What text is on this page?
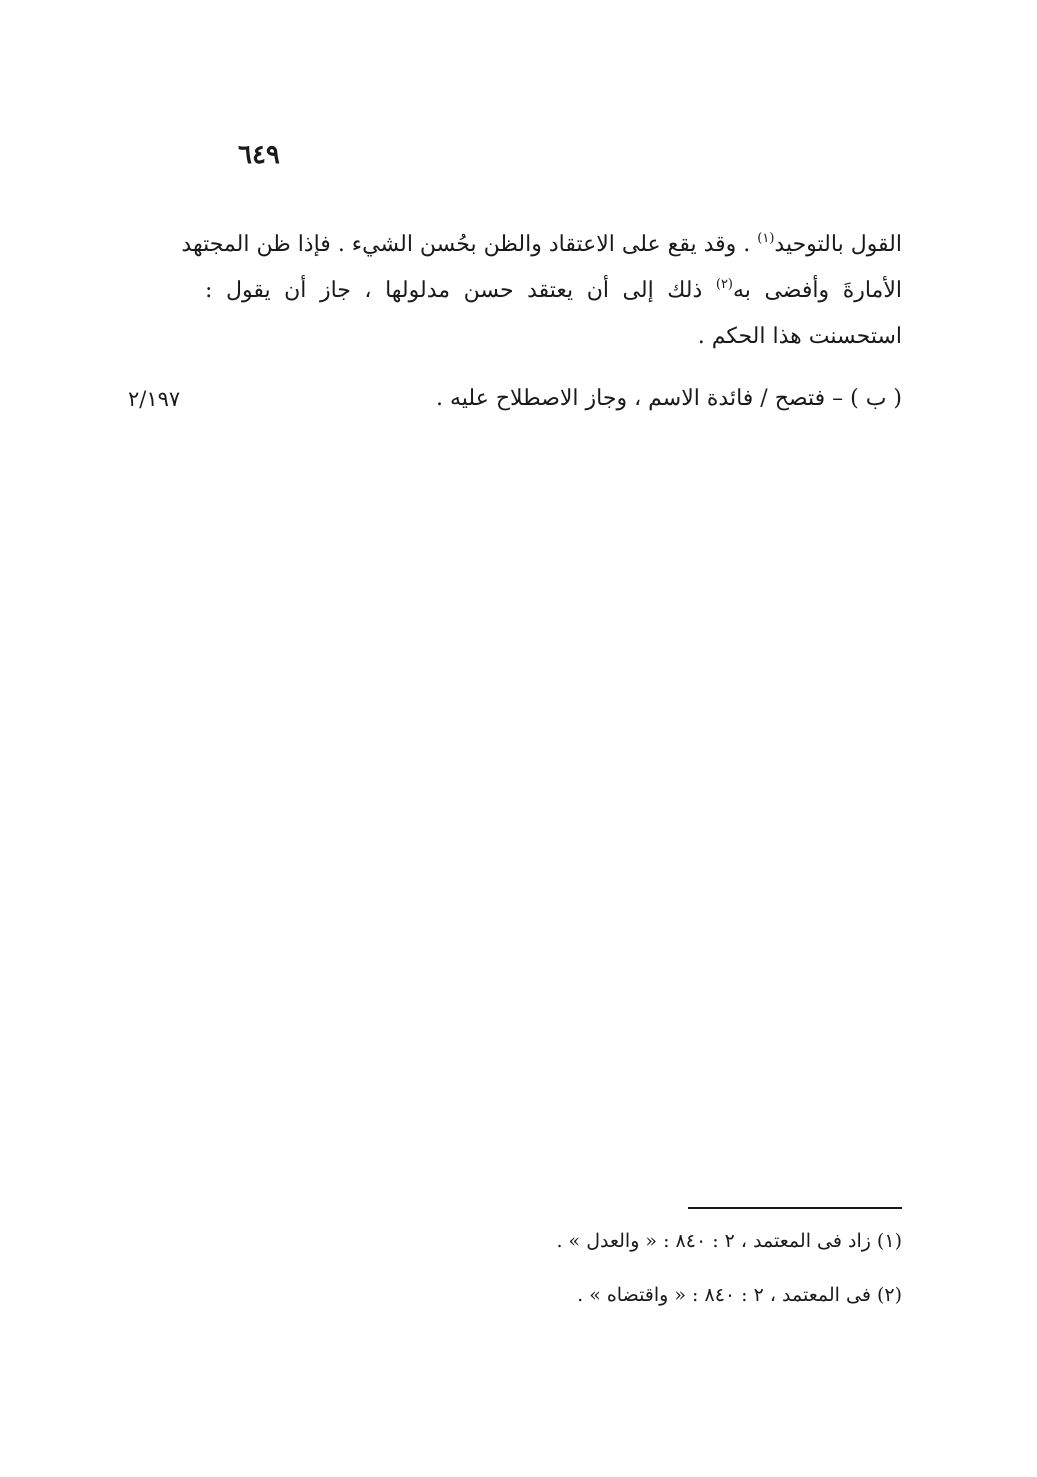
٦٤٩
القول بالتوحيد$^{(١)}$ . وقد يقع على الاعتقاد والظن بحُسن الشيء . فإذا ظن المجتهد
الأمارةَ وأفضى به$^{(٢)}$ ذلك إلى أن يعتقد حسن مدلولها ، جاز أن يقول :
استحسنت هذا الحكم .
( ب ) – فتصح / فائدة الاسم ، وجاز الاصطلاح عليه .
٢/١٩٧
(١) زاد فى المعتمد ، ٢ : ٨٤٠ : « والعدل » .
(٢) فى المعتمد ، ٢ : ٨٤٠ : « واقتضاه » .
